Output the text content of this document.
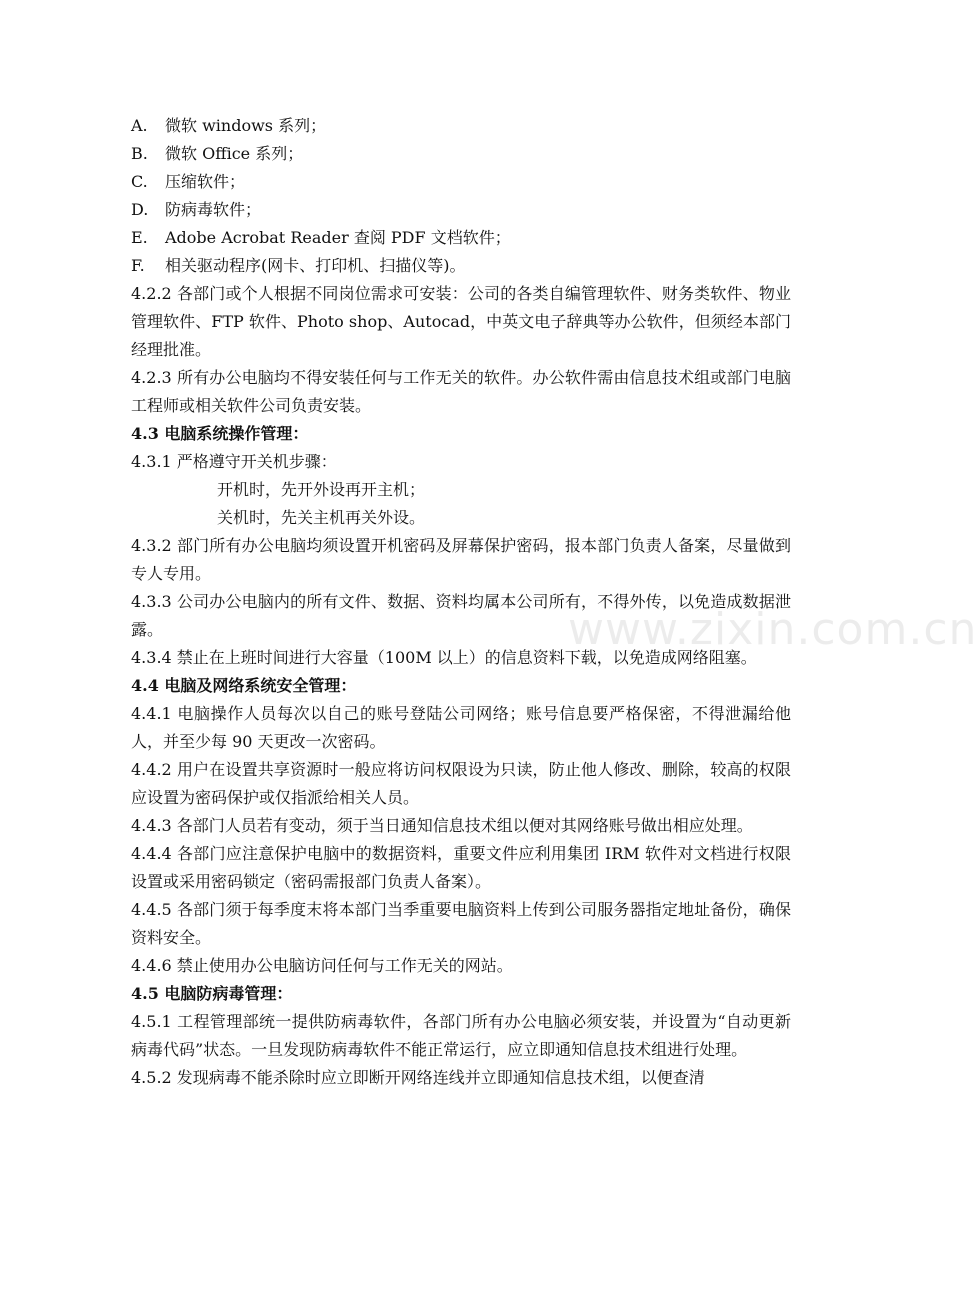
www.zixin.com.cn
A.	微软 windows 系列；
B.	微软 Office 系列；
C.	压缩软件；
D.	防病毒软件；
E.	Adobe Acrobat Reader 查阅 PDF 文档软件；
F.	相关驱动程序(网卡、打印机、扫描仪等)。
4.2.2 各部门或个人根据不同岗位需求可安装：公司的各类自编管理软件、财务类软件、物业管理软件、FTP 软件、Photo shop、Autocad，中英文电子辞典等办公软件，但须经本部门经理批准。
4.2.3 所有办公电脑均不得安装任何与工作无关的软件。办公软件需由信息技术组或部门电脑工程师或相关软件公司负责安装。
4.3 电脑系统操作管理：
4.3.1 严格遵守开关机步骤：
开机时，先开外设再开主机；
关机时，先关主机再关外设。
4.3.2 部门所有办公电脑均须设置开机密码及屏幕保护密码，报本部门负责人备案，尽量做到专人专用。
4.3.3 公司办公电脑内的所有文件、数据、资料均属本公司所有，不得外传，以免造成数据泄露。
4.3.4 禁止在上班时间进行大容量（100M 以上）的信息资料下载，以免造成网络阻塞。
4.4 电脑及网络系统安全管理：
4.4.1 电脑操作人员每次以自己的账号登陆公司网络；账号信息要严格保密，不得泄漏给他人，并至少每 90 天更改一次密码。
4.4.2 用户在设置共享资源时一般应将访问权限设为只读，防止他人修改、删除，较高的权限应设置为密码保护或仅指派给相关人员。
4.4.3 各部门人员若有变动，须于当日通知信息技术组以便对其网络账号做出相应处理。
4.4.4 各部门应注意保护电脑中的数据资料，重要文件应利用集团 IRM 软件对文档进行权限设置或采用密码锁定（密码需报部门负责人备案）。
4.4.5 各部门须于每季度末将本部门当季重要电脑资料上传到公司服务器指定地址备份，确保资料安全。
4.4.6 禁止使用办公电脑访问任何与工作无关的网站。
4.5 电脑防病毒管理：
4.5.1 工程管理部统一提供防病毒软件，各部门所有办公电脑必须安装，并设置为“自动更新病毒代码”状态。一旦发现防病毒软件不能正常运行，应立即通知信息技术组进行处理。
4.5.2 发现病毒不能杀除时应立即断开网络连线并立即通知信息技术组，以便查清
